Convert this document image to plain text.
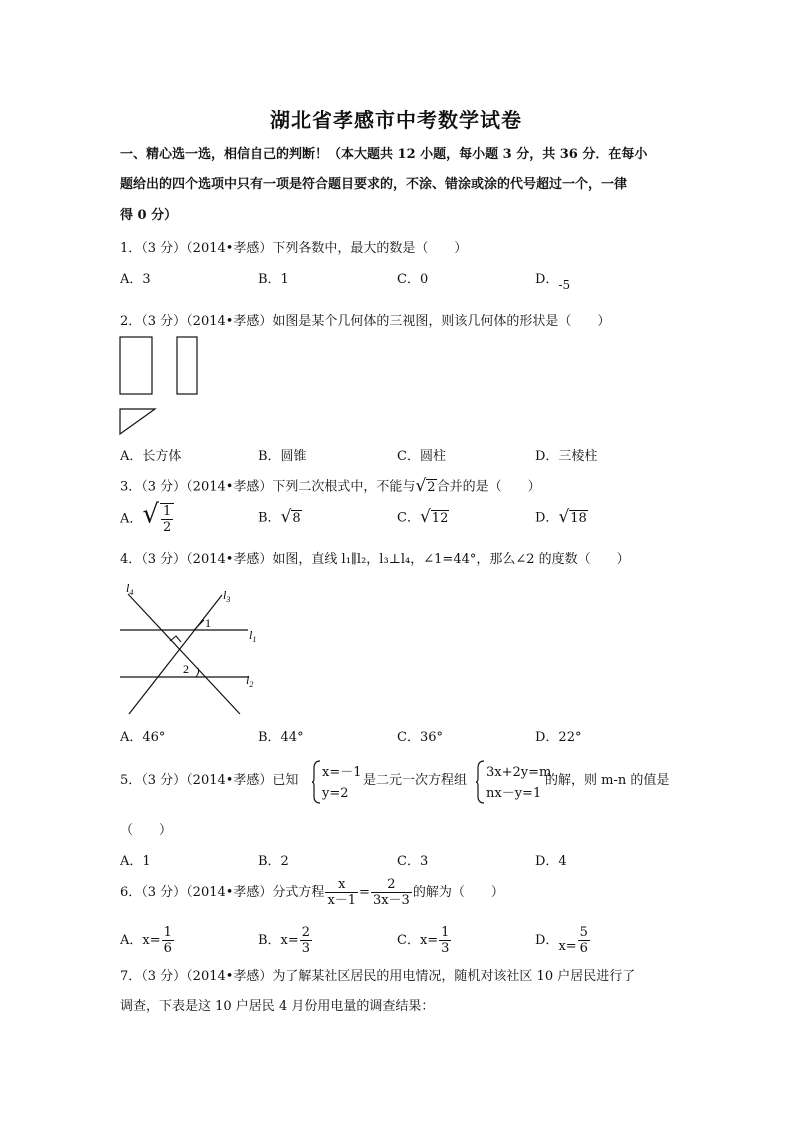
湖北省孝感市中考数学试卷
一、精心选一选，相信自己的判断！（本大题共 12 小题，每小题 3 分，共 36 分．在每小
题给出的四个选项中只有一项是符合题目要求的，不涂、错涂或涂的代号超过一个，一律
得 0 分）
1．（3 分）（2014•孝感）下列各数中，最大的数是（　　）
A．3	B．1	C．0	D．-5
2．（3 分）（2014•孝感）如图是某个几何体的三视图，则该几何体的形状是（　　）
A．长方体	B．圆锥	C．圆柱	D．三棱柱
3．（3 分）（2014•孝感）下列二次根式中，不能与√2合并的是（　　）
A．√ $\frac{1}{2}$	B．√8	C．√12	D．√18
4．（3 分）（2014•孝感）如图，直线 l₁∥l₂，l₃⊥l₄，∠1=44°，那么∠2 的度数（　　）
$l_4$	$l_3$
$l_1$
$l_2$
1
2
A．46°	B．44°	C．36°	D．22°
5．（3 分）（2014•孝感）已知
x=－1
y=2
是二元一次方程组
3x+2y=m
nx－y=1
的解，则 m-n 的值是
（　　）
A．1	B．2	C．3	D．4
6．（3 分）（2014•孝感）分式方程 $\frac{x}{x-1} = \frac{2}{3x-3}$ 的解为（　　）
A．$x= \frac{1}{6}$	B．$x= \frac{2}{3}$	C．$x= \frac{1}{3}$	D．$x= \frac{5}{6}$
7．（3 分）（2014•孝感）为了解某社区居民的用电情况，随机对该社区 10 户居民进行了
调查，下表是这 10 户居民 4 月份用电量的调查结果：
